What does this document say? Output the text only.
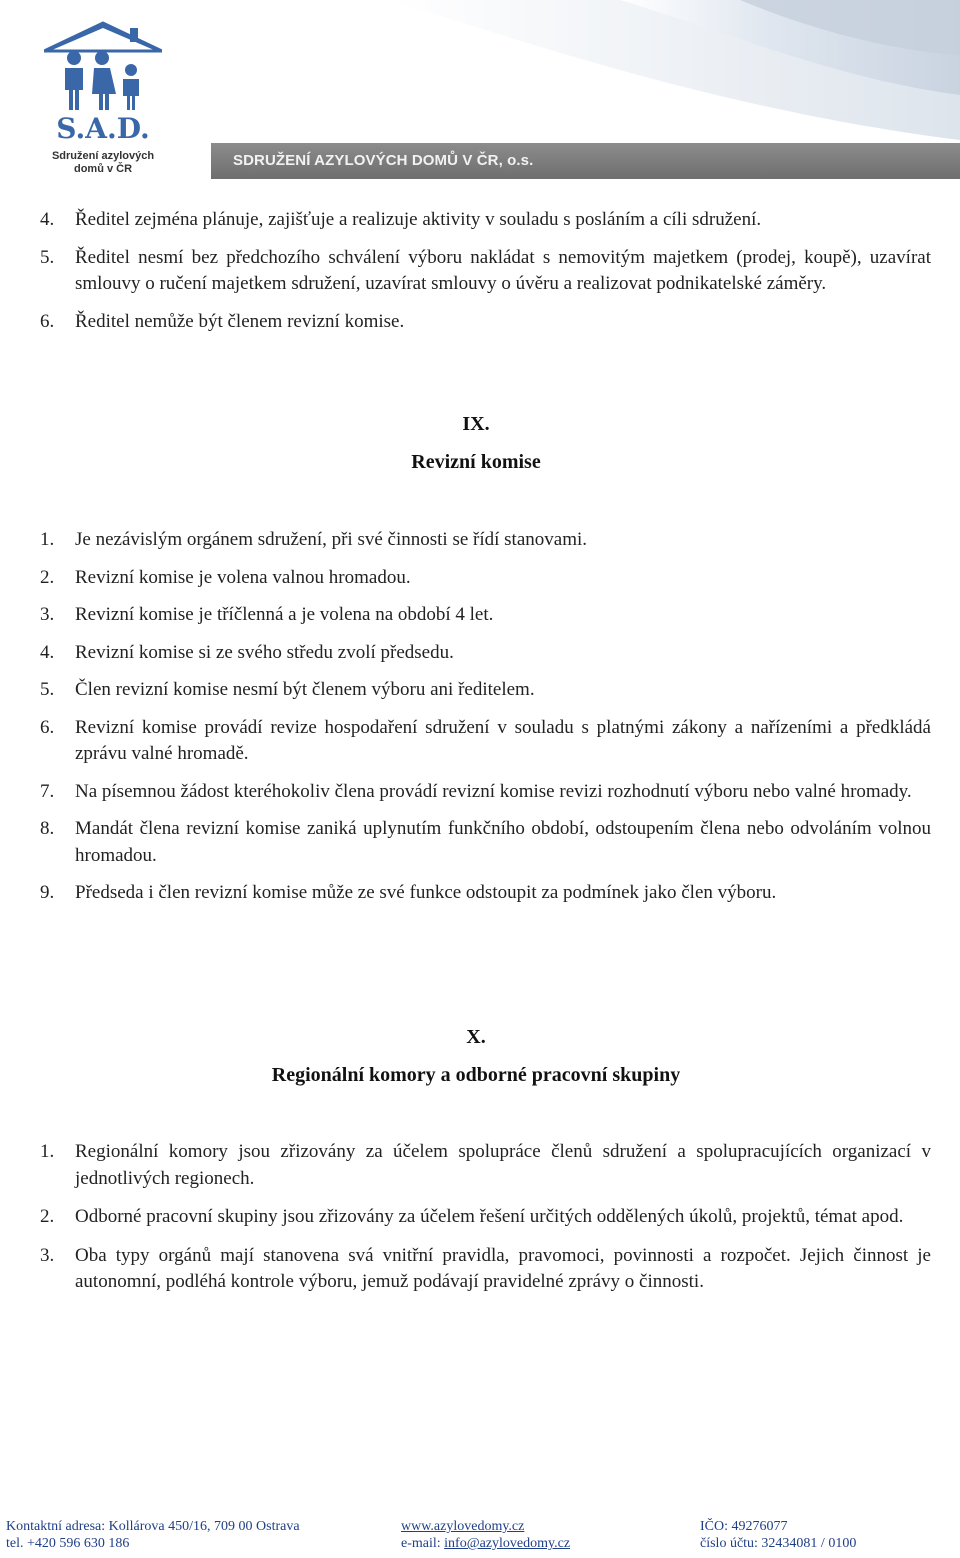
S.A.D.
Sdružení azylových
domů v ČR	SDRUŽENÍ AZYLOVÝCH DOMŮ V ČR, o.s.
4. Ředitel zejména plánuje, zajišťuje a realizuje aktivity v souladu s posláním a cíli sdružení.
5. Ředitel nesmí bez předchozího schválení výboru nakládat s nemovitým majetkem (prodej, koupě), uzavírat smlouvy o ručení majetkem sdružení, uzavírat smlouvy o úvěru a realizovat podnikatelské záměry.
6. Ředitel nemůže být členem revizní komise.
IX.
Revizní komise
1. Je nezávislým orgánem sdružení, při své činnosti se řídí stanovami.
2. Revizní komise je volena valnou hromadou.
3. Revizní komise je tříčlenná a je volena na období 4 let.
4. Revizní komise si ze svého středu zvolí předsedu.
5. Člen revizní komise nesmí být členem výboru ani ředitelem.
6. Revizní komise provádí revize hospodaření sdružení v souladu s platnými zákony a nařízeními a předkládá zprávu valné hromadě.
7. Na písemnou žádost kteréhokoliv člena provádí revizní komise revizi rozhodnutí výboru nebo valné hromady.
8. Mandát člena revizní komise zaniká uplynutím funkčního období, odstoupením člena nebo odvoláním volnou hromadou.
9. Předseda i člen revizní komise může ze své funkce odstoupit za podmínek jako člen výboru.
X.
Regionální komory a odborné pracovní skupiny
1. Regionální komory jsou zřizovány za účelem spolupráce členů sdružení a spolupracujících organizací v jednotlivých regionech.
2. Odborné pracovní skupiny jsou zřizovány za účelem řešení určitých oddělených úkolů, projektů, témat apod.
3. Oba typy orgánů mají stanovena svá vnitřní pravidla, pravomoci, povinnosti a rozpočet. Jejich činnost je autonomní, podléhá kontrole výboru, jemuž podávají pravidelné zprávy o činnosti.
Kontaktní adresa: Kollárova 450/16, 709 00 Ostrava
tel. +420 596 630 186
www.azylovedomy.cz
e-mail: info@azylovedomy.cz
IČO: 49276077
číslo účtu: 32434081 / 0100
